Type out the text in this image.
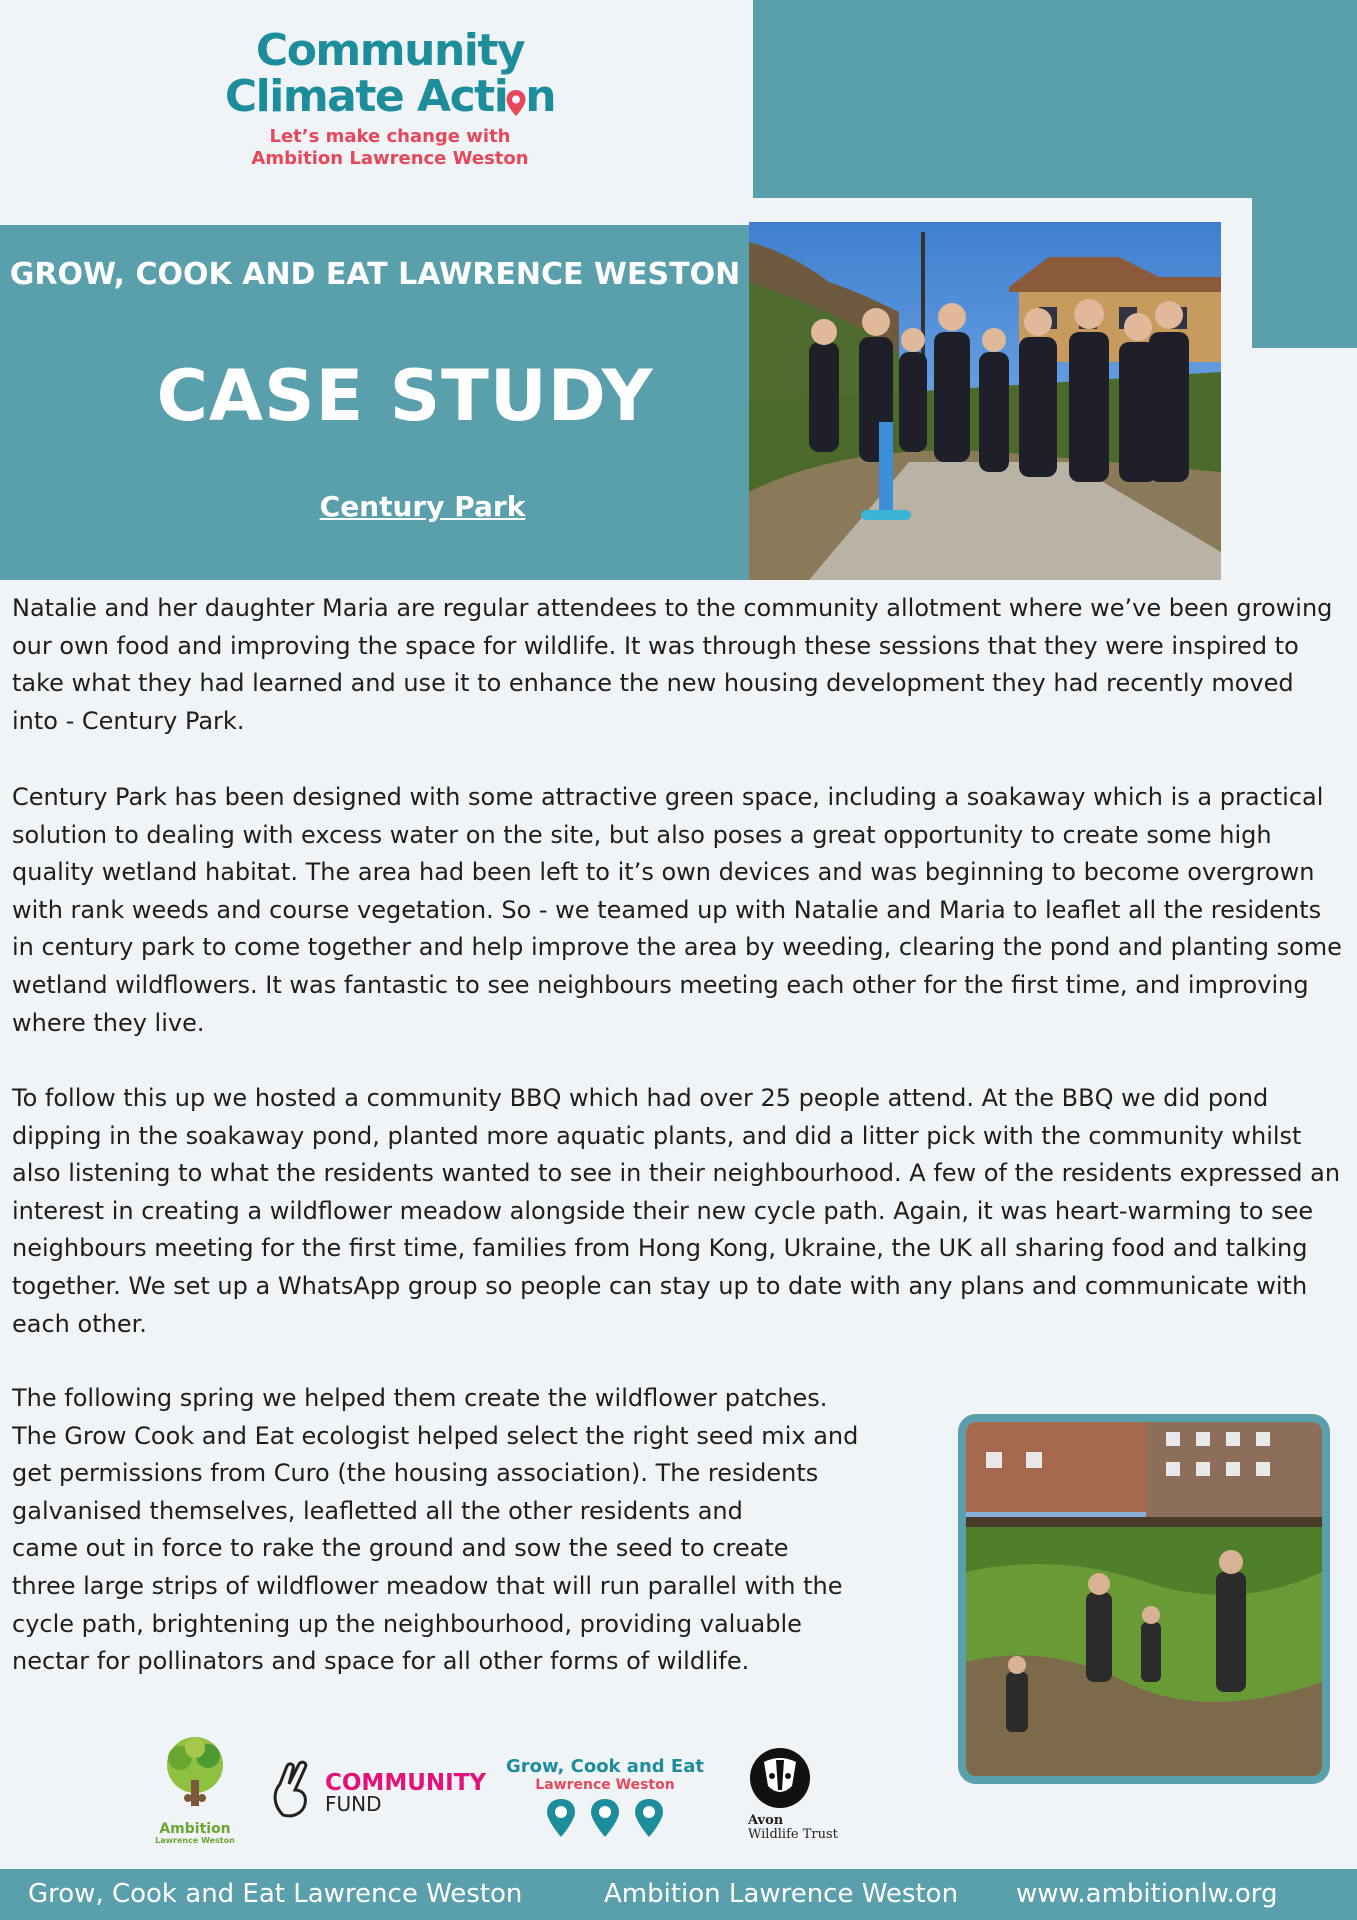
Community
Climate Acti n
Let’s make change with
Ambition Lawrence Weston
GROW, COOK AND EAT LAWRENCE WESTON
CASE STUDY
Century Park
Natalie and her daughter Maria are regular attendees to the community allotment where we’ve been growing our own food and improving the space for wildlife. It was through these sessions that they were inspired to take what they had learned and use it to enhance the new housing development they had recently moved into - Century Park.
Century Park has been designed with some attractive green space, including a soakaway which is a practical solution to dealing with excess water on the site, but also poses a great opportunity to create some high quality wetland habitat. The area had been left to it’s own devices and was beginning to become overgrown with rank weeds and course vegetation. So - we teamed up with Natalie and Maria to leaflet all the residents in century park to come together and help improve the area by weeding, clearing the pond and planting some wetland wildflowers. It was fantastic to see neighbours meeting each other for the first time, and improving where they live.
To follow this up we hosted a community BBQ which had over 25 people attend. At the BBQ we did pond dipping in the soakaway pond, planted more aquatic plants, and did a litter pick with the community whilst also listening to what the residents wanted to see in their neighbourhood. A few of the residents expressed an interest in creating a wildflower meadow alongside their new cycle path. Again, it was heart-warming to see neighbours meeting for the first time, families from Hong Kong, Ukraine, the UK all sharing food and talking together. We set up a WhatsApp group so people can stay up to date with any plans and communicate with each other.
The following spring we helped them create the wildflower patches.
The Grow Cook and Eat ecologist helped select the right seed mix and
get permissions from Curo (the housing association). The residents
galvanised themselves, leafletted all the other residents and
came out in force to rake the ground and sow the seed to create
three large strips of wildflower meadow that will run parallel with the
cycle path, brightening up the neighbourhood, providing valuable
nectar for pollinators and space for all other forms of wildlife.
Ambition
Lawrence Weston
COMMUNITY
FUND
Grow, Cook and Eat
Lawrence Weston
Avon
Wildlife Trust
Grow, Cook and Eat Lawrence Weston	Ambition Lawrence Weston www.ambitionlw.org
